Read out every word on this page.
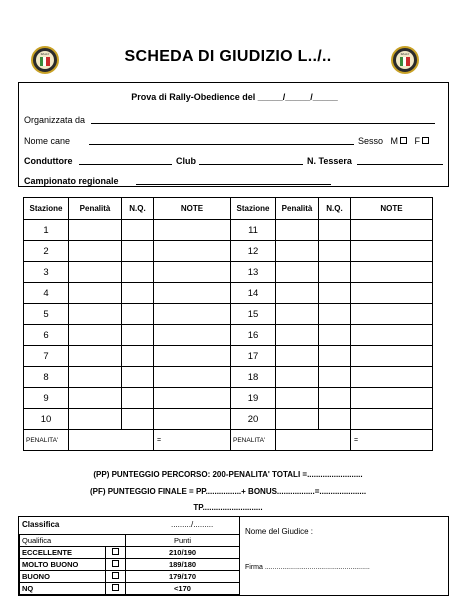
RALLY	RALLY
SCHEDA DI GIUDIZIO L../..
Prova di Rally-Obedience del _____/_____/_____
Organizzata da
Nome cane	Sesso M F
Conduttore	Club	N. Tessera
Campionato regionale
Stazione	Penalità	N.Q.	NOTE	Stazione	Penalità	N.Q.	NOTE
1				11			
2				12			
3				13			
4				14			
5				15			
6				16			
7				17			
8				18			
9				19			
10				20			
PENALITA'			=	PENALITA'			=
(PP) PUNTEGGIO PERCORSO: 200-PENALITA' TOTALI =.........................
(PF) PUNTEGGIO FINALE = PP................+ BONUS.................=.....................
TP...........................
Classifica	........./.........
Qualifica		Punti
ECCELLENTE		210/190
MOLTO BUONO		189/180
BUONO		179/170
NQ		<170
Nome del Giudice :
Firma ......................................................
